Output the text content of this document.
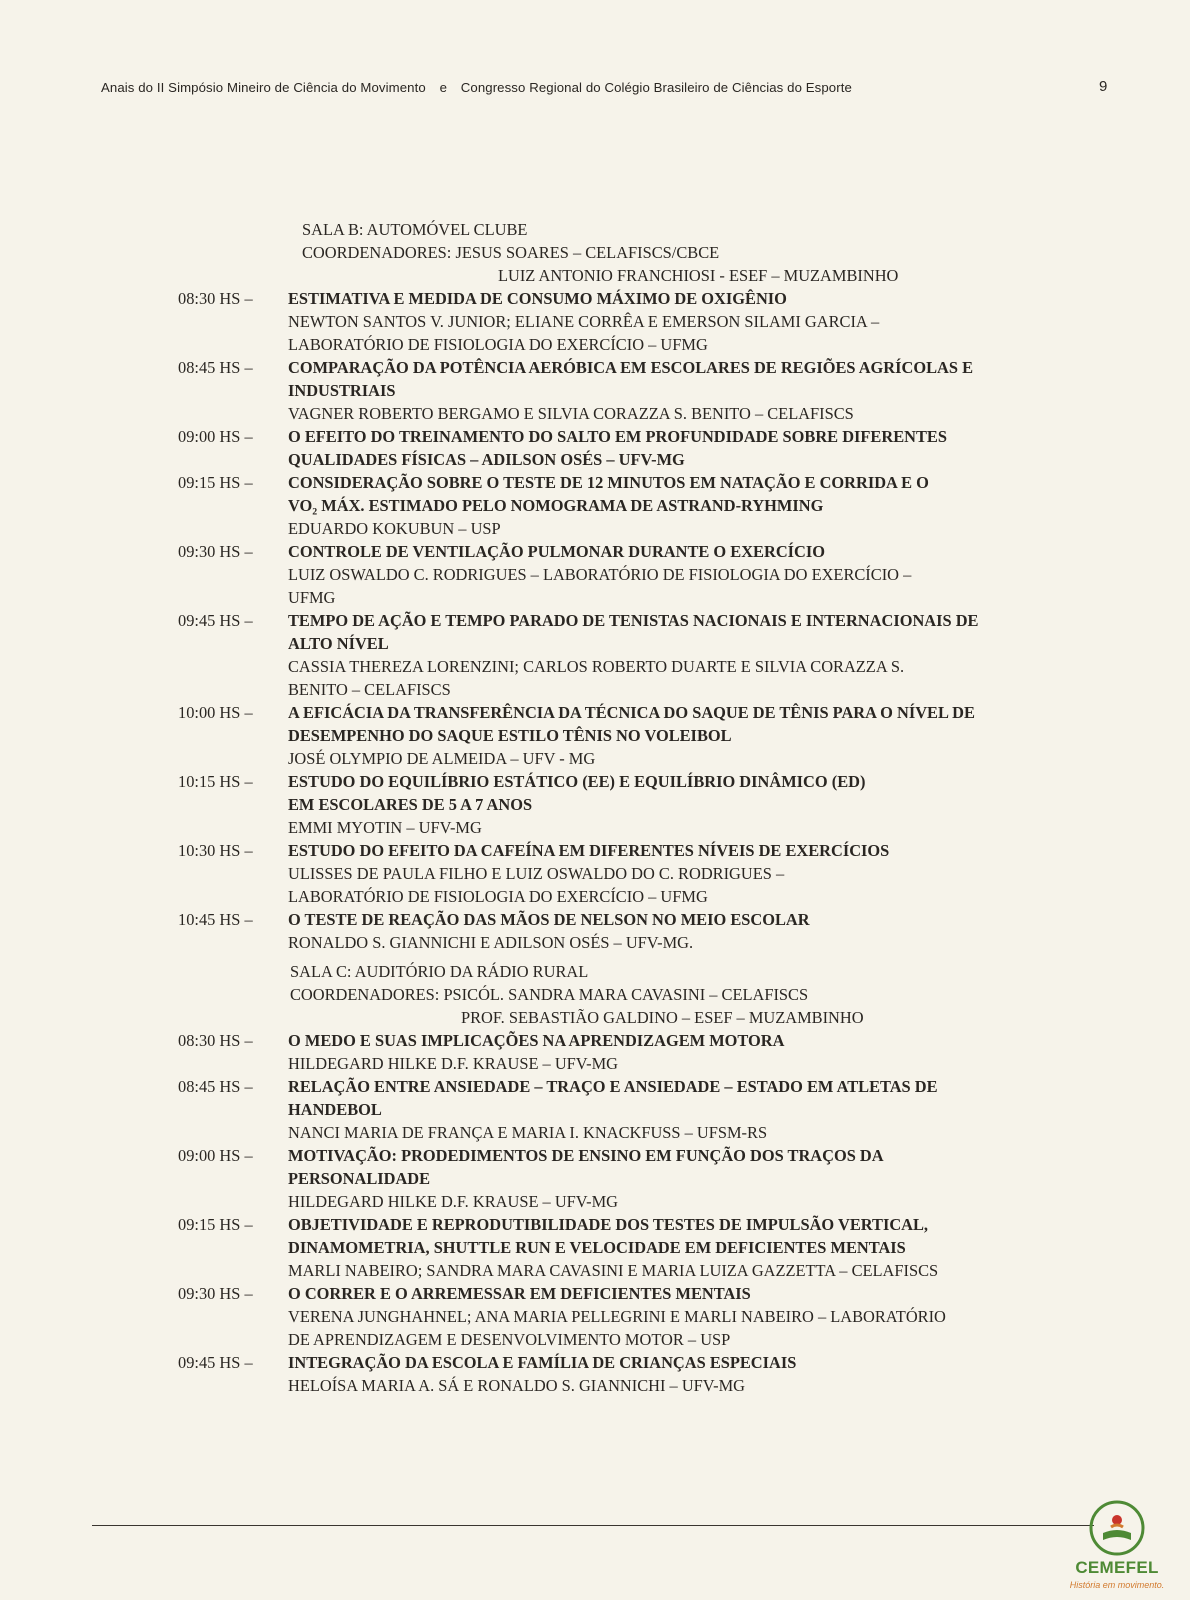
Anais do II Simpósio Mineiro de Ciência do Movimento e Congresso Regional do Colégio Brasileiro de Ciências do Esporte	9
SALA B: AUTOMÓVEL CLUBE
COORDENADORES: JESUS SOARES – CELAFISCS/CBCE
LUIZ ANTONIO FRANCHIOSI - ESEF – MUZAMBINHO
08:30 HS –	ESTIMATIVA E MEDIDA DE CONSUMO MÁXIMO DE OXIGÊNIO
NEWTON SANTOS V. JUNIOR; ELIANE CORRÊA E EMERSON SILAMI GARCIA –
LABORATÓRIO DE FISIOLOGIA DO EXERCÍCIO – UFMG
08:45 HS –	COMPARAÇÃO DA POTÊNCIA AERÓBICA EM ESCOLARES DE REGIÕES AGRÍCOLAS E
INDUSTRIAIS
VAGNER ROBERTO BERGAMO E SILVIA CORAZZA S. BENITO – CELAFISCS
09:00 HS –	O EFEITO DO TREINAMENTO DO SALTO EM PROFUNDIDADE SOBRE DIFERENTES
QUALIDADES FÍSICAS – ADILSON OSÉS – UFV-MG
09:15 HS –	CONSIDERAÇÃO SOBRE O TESTE DE 12 MINUTOS EM NATAÇÃO E CORRIDA E O
VO₂ MÁX. ESTIMADO PELO NOMOGRAMA DE ASTRAND-RYHMING
EDUARDO KOKUBUN – USP
09:30 HS –	CONTROLE DE VENTILAÇÃO PULMONAR DURANTE O EXERCÍCIO
LUIZ OSWALDO C. RODRIGUES – LABORATÓRIO DE FISIOLOGIA DO EXERCÍCIO –
UFMG
09:45 HS –	TEMPO DE AÇÃO E TEMPO PARADO DE TENISTAS NACIONAIS E INTERNACIONAIS DE
ALTO NÍVEL
CASSIA THEREZA LORENZINI; CARLOS ROBERTO DUARTE E SILVIA CORAZZA S.
BENITO – CELAFISCS
10:00 HS –	A EFICÁCIA DA TRANSFERÊNCIA DA TÉCNICA DO SAQUE DE TÊNIS PARA O NÍVEL DE
DESEMPENHO DO SAQUE ESTILO TÊNIS NO VOLEIBOL
JOSÉ OLYMPIO DE ALMEIDA – UFV - MG
10:15 HS –	ESTUDO DO EQUILÍBRIO ESTÁTICO (EE) E EQUILÍBRIO DINÂMICO (ED)
EM ESCOLARES DE 5 A 7 ANOS
EMMI MYOTIN – UFV-MG
10:30 HS –	ESTUDO DO EFEITO DA CAFEÍNA EM DIFERENTES NÍVEIS DE EXERCÍCIOS
ULISSES DE PAULA FILHO E LUIZ OSWALDO DO C. RODRIGUES –
LABORATÓRIO DE FISIOLOGIA DO EXERCÍCIO – UFMG
10:45 HS –	O TESTE DE REAÇÃO DAS MÃOS DE NELSON NO MEIO ESCOLAR
RONALDO S. GIANNICHI E ADILSON OSÉS – UFV-MG.
SALA C: AUDITÓRIO DA RÁDIO RURAL
COORDENADORES: PSICÓL. SANDRA MARA CAVASINI – CELAFISCS
PROF. SEBASTIÃO GALDINO – ESEF – MUZAMBINHO
08:30 HS –	O MEDO E SUAS IMPLICAÇÕES NA APRENDIZAGEM MOTORA
HILDEGARD HILKE D.F. KRAUSE – UFV-MG
08:45 HS –	RELAÇÃO ENTRE ANSIEDADE – TRAÇO E ANSIEDADE – ESTADO EM ATLETAS DE
HANDEBOL
NANCI MARIA DE FRANÇA E MARIA I. KNACKFUSS – UFSM-RS
09:00 HS –	MOTIVAÇÃO: PRODEDIMENTOS DE ENSINO EM FUNÇÃO DOS TRAÇOS DA
PERSONALIDADE
HILDEGARD HILKE D.F. KRAUSE – UFV-MG
09:15 HS –	OBJETIVIDADE E REPRODUTIBILIDADE DOS TESTES DE IMPULSÃO VERTICAL,
DINAMOMETRIA, SHUTTLE RUN E VELOCIDADE EM DEFICIENTES MENTAIS
MARLI NABEIRO; SANDRA MARA CAVASINI E MARIA LUIZA GAZZETTA – CELAFISCS
09:30 HS –	O CORRER E O ARREMESSAR EM DEFICIENTES MENTAIS
VERENA JUNGHAHNEL; ANA MARIA PELLEGRINI E MARLI NABEIRO – LABORATÓRIO
DE APRENDIZAGEM E DESENVOLVIMENTO MOTOR – USP
09:45 HS –	INTEGRAÇÃO DA ESCOLA E FAMÍLIA DE CRIANÇAS ESPECIAIS
HELOÍSA MARIA A. SÁ E RONALDO S. GIANNICHI – UFV-MG
CEMEFEL
História em movimento.
